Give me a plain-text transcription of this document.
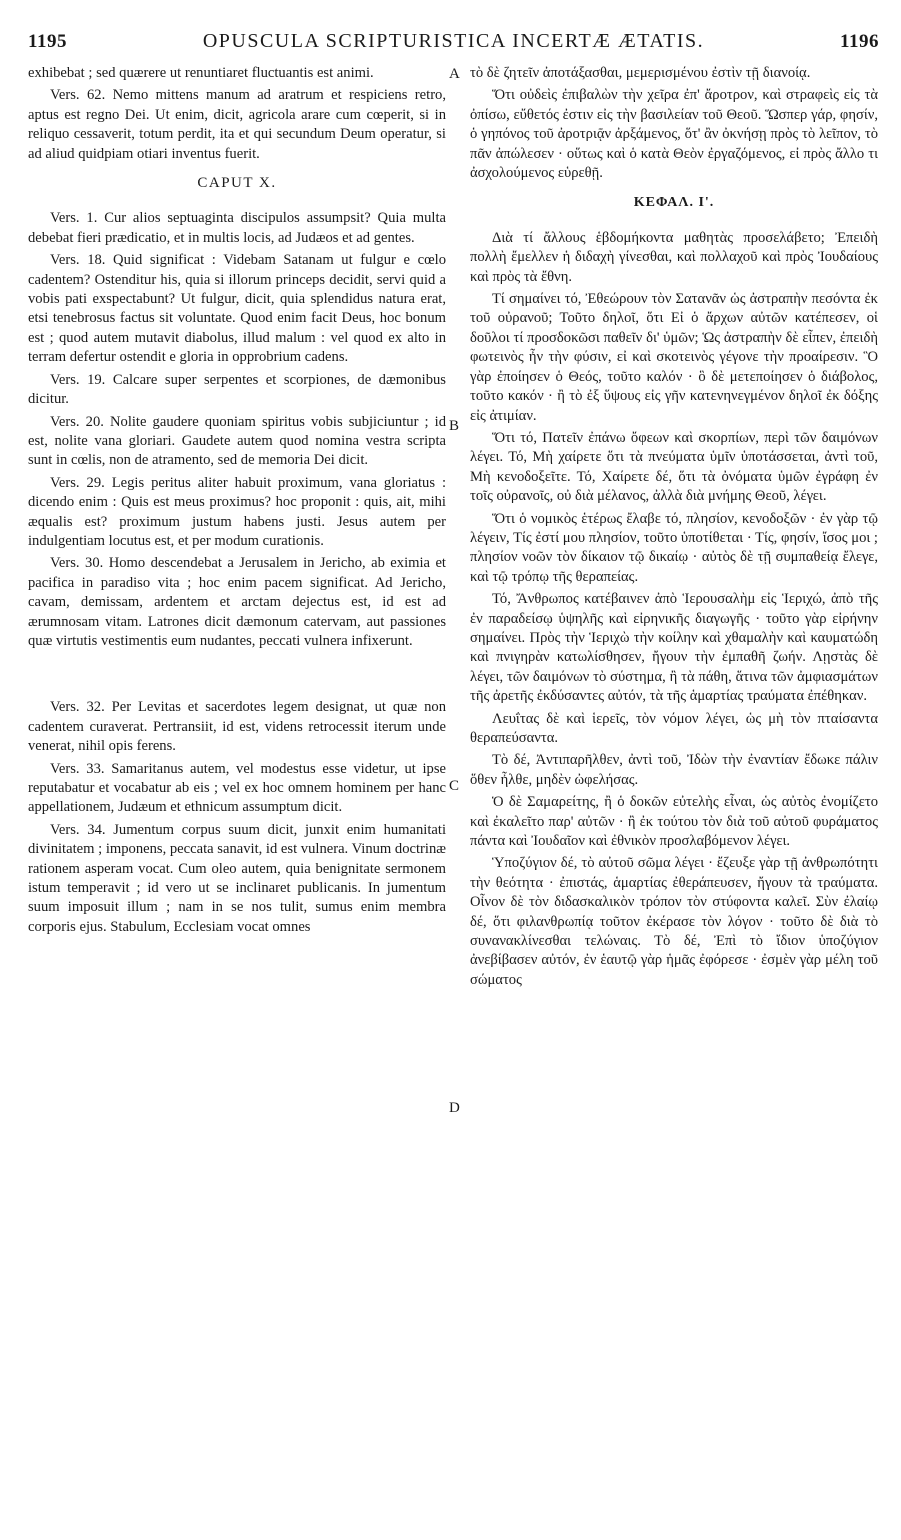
1195	OPUSCULA SCRIPTURISTICA INCERTÆ ÆTATIS.	1196
A
B
C
D

exhibebat ; sed quærere ut renuntiaret fluctuantis est animi.

Vers. 62. Nemo mittens manum ad aratrum et respiciens retro, aptus est regno Dei. Ut enim, dicit, agricola arare cum cœperit, si in reliquo cessaverit, totum perdit, ita et qui secundum Deum operatur, si ad aliud quidpiam otiari inventus fuerit.

CAPUT X.

Vers. 1. Cur alios septuaginta discipulos assumpsit? Quia multa debebat fieri prædicatio, et in multis locis, ad Judæos et ad gentes.

Vers. 18. Quid significat : Videbam Satanam ut fulgur e cœlo cadentem? Ostenditur his, quia si illorum princeps decidit, servi quid a vobis pati exspectabunt? Ut fulgur, dicit, quia splendidus natura erat, etsi tenebrosus factus sit voluntate. Quod enim facit Deus, hoc bonum est ; quod autem mutavit diabolus, illud malum : vel quod ex alto in terram defertur ostendit e gloria in opprobrium cadens.

Vers. 19. Calcare super serpentes et scorpiones, de dæmonibus dicitur.

Vers. 20. Nolite gaudere quoniam spiritus vobis subjiciuntur ; id est, nolite vana gloriari. Gaudete autem quod nomina vestra scripta sunt in cœlis, non de atramento, sed de memoria Dei dicit.

Vers. 29. Legis peritus aliter habuit proximum, vana gloriatus : dicendo enim : Quis est meus proximus? hoc proponit : quis, ait, mihi æqualis est? proximum justum habens justi. Jesus autem per indulgentiam locutus est, et per modum curationis.

Vers. 30. Homo descendebat a Jerusalem in Jericho, ab eximia et pacifica in paradiso vita ; hoc enim pacem significat. Ad Jericho, cavam, demissam, ardentem et arctam dejectus est, id est ad ærumnosam vitam. Latrones dicit dæmonum catervam, aut passiones quæ virtutis vestimentis eum nudantes, peccati vulnera infixerunt.

Vers. 32. Per Levitas et sacerdotes legem designat, ut quæ non cadentem curaverat. Pertransiit, id est, videns retrocessit iterum unde venerat, nihil opis ferens.

Vers. 33. Samaritanus autem, vel modestus esse videtur, ut ipse reputabatur et vocabatur ab eis ; vel ex hoc omnem hominem per hanc appellationem, Judæum et ethnicum assumptum dicit.

Vers. 34. Jumentum corpus suum dicit, junxit enim humanitati divinitatem ; imponens, peccata sanavit, id est vulnera. Vinum doctrinæ rationem asperam vocat. Cum oleo autem, quia benignitate sermonem istum temperavit ; id vero ut se inclinaret publicanis. In jumentum suum imposuit illum ; nam in se nos tulit, sumus enim membra corporis ejus. Stabulum, Ecclesiam vocat omnes

τὸ δὲ ζητεῖν ἀποτάξασθαι, μεμερισμένου ἐστὶν τῇ διανοίᾳ.

Ὅτι οὐδεὶς ἐπιβαλὼν τὴν χεῖρα ἐπ' ἄροτρον, καὶ στραφεὶς εἰς τὰ ὀπίσω, εὔθετός ἐστιν εἰς τὴν βασιλείαν τοῦ Θεοῦ. Ὥσπερ γάρ, φησίν, ὁ γηπόνος τοῦ ἀροτριᾷν ἀρξάμενος, ὅτ' ἂν ὀκνήσῃ πρὸς τὸ λεῖπον, τὸ πᾶν ἀπώλεσεν · οὕτως καὶ ὁ κατὰ Θεὸν ἐργαζόμενος, εἰ πρὸς ἄλλο τι ἀσχολούμενος εὑρεθῇ.

ΚΕΦΑΛ. Ι'.

Διὰ τί ἄλλους ἑβδομήκοντα μαθητὰς προσελάβετο; Ἐπειδὴ πολλὴ ἔμελλεν ἡ διδαχὴ γίνεσθαι, καὶ πολλαχοῦ καὶ πρὸς Ἰουδαίους καὶ πρὸς τὰ ἔθνη.

Τί σημαίνει τό, Ἐθεώρουν τὸν Σατανᾶν ὡς ἀστραπὴν πεσόντα ἐκ τοῦ οὐρανοῦ; Τοῦτο δηλοῖ, ὅτι Εἰ ὁ ἄρχων αὐτῶν κατέπεσεν, οἱ δοῦλοι τί προσδοκῶσι παθεῖν δι' ὑμῶν; Ὡς ἀστραπὴν δὲ εἶπεν, ἐπειδὴ φωτεινὸς ἦν τὴν φύσιν, εἰ καὶ σκοτεινὸς γέγονε τὴν προαίρεσιν. Ὃ γὰρ ἐποίησεν ὁ Θεός, τοῦτο καλόν · ὃ δὲ μετεποίησεν ὁ διάβολος, τοῦτο κακόν · ἢ τὸ ἐξ ὕψους εἰς γῆν κατενηνεγμένον δηλοῖ ἐκ δόξης εἰς ἀτιμίαν.

Ὅτι τό, Πατεῖν ἐπάνω ὄφεων καὶ σκορπίων, περὶ τῶν δαιμόνων λέγει. Τό, Μὴ χαίρετε ὅτι τὰ πνεύματα ὑμῖν ὑποτάσσεται, ἀντὶ τοῦ, Μὴ κενοδοξεῖτε. Τό, Χαίρετε δέ, ὅτι τὰ ὀνόματα ὑμῶν ἐγράφη ἐν τοῖς οὐρανοῖς, οὐ διὰ μέλανος, ἀλλὰ διὰ μνήμης Θεοῦ, λέγει.

Ὅτι ὁ νομικὸς ἑτέρως ἔλαβε τό, πλησίον, κενοδοξῶν · ἐν γὰρ τῷ λέγειν, Τίς ἐστί μου πλησίον, τοῦτο ὑποτίθεται · Τίς, φησίν, ἴσος μοι ; πλησίον νοῶν τὸν δίκαιον τῷ δικαίῳ · αὐτὸς δὲ τῇ συμπαθείᾳ ἔλεγε, καὶ τῷ τρόπῳ τῆς θεραπείας.

Τό, Ἄνθρωπος κατέβαινεν ἀπὸ Ἱερουσαλὴμ εἰς Ἱεριχώ, ἀπὸ τῆς ἐν παραδείσῳ ὑψηλῆς καὶ εἰρηνικῆς διαγωγῆς · τοῦτο γὰρ εἰρήνην σημαίνει. Πρὸς τὴν Ἱεριχὼ τὴν κοίλην καὶ χθαμαλὴν καὶ καυματώδη καὶ πνιγηρὰν κατωλίσθησεν, ἤγουν τὴν ἐμπαθῆ ζωήν. Λῃστὰς δὲ λέγει, τῶν δαιμόνων τὸ σύστημα, ἢ τὰ πάθη, ἅτινα τῶν ἀμφιασμάτων τῆς ἀρετῆς ἐκδύσαντες αὐτόν, τὰ τῆς ἁμαρτίας τραύματα ἐπέθηκαν.

Λευΐτας δὲ καὶ ἱερεῖς, τὸν νόμον λέγει, ὡς μὴ τὸν πταίσαντα θεραπεύσαντα.

Τὸ δέ, Ἀντιπαρῆλθεν, ἀντὶ τοῦ, Ἰδὼν τὴν ἐναντίαν ἔδωκε πάλιν ὅθεν ἦλθε, μηδὲν ὠφελήσας.

Ὁ δὲ Σαμαρείτης, ἢ ὁ δοκῶν εὐτελὴς εἶναι, ὡς αὐτὸς ἐνομίζετο καὶ ἐκαλεῖτο παρ' αὐτῶν · ἢ ἐκ τούτου τὸν διὰ τοῦ αὐτοῦ φυράματος πάντα καὶ Ἰουδαῖον καὶ ἐθνικὸν προσλαβόμενον λέγει.

Ὑποζύγιον δέ, τὸ αὐτοῦ σῶμα λέγει · ἔζευξε γὰρ τῇ ἀνθρωπότητι τὴν θεότητα · ἐπιστάς, ἁμαρτίας ἐθεράπευσεν, ἤγουν τὰ τραύματα. Οἶνον δὲ τὸν διδασκαλικὸν τρόπον τὸν στύφοντα καλεῖ. Σὺν ἐλαίῳ δέ, ὅτι φιλανθρωπίᾳ τοῦτον ἐκέρασε τὸν λόγον · τοῦτο δὲ διὰ τὸ συνανακλίνεσθαι τελώναις. Τὸ δέ, Ἐπὶ τὸ ἴδιον ὑποζύγιον ἀνεβίβασεν αὐτόν, ἐν ἑαυτῷ γὰρ ἡμᾶς ἐφόρεσε · ἐσμὲν γὰρ μέλη τοῦ σώματος
